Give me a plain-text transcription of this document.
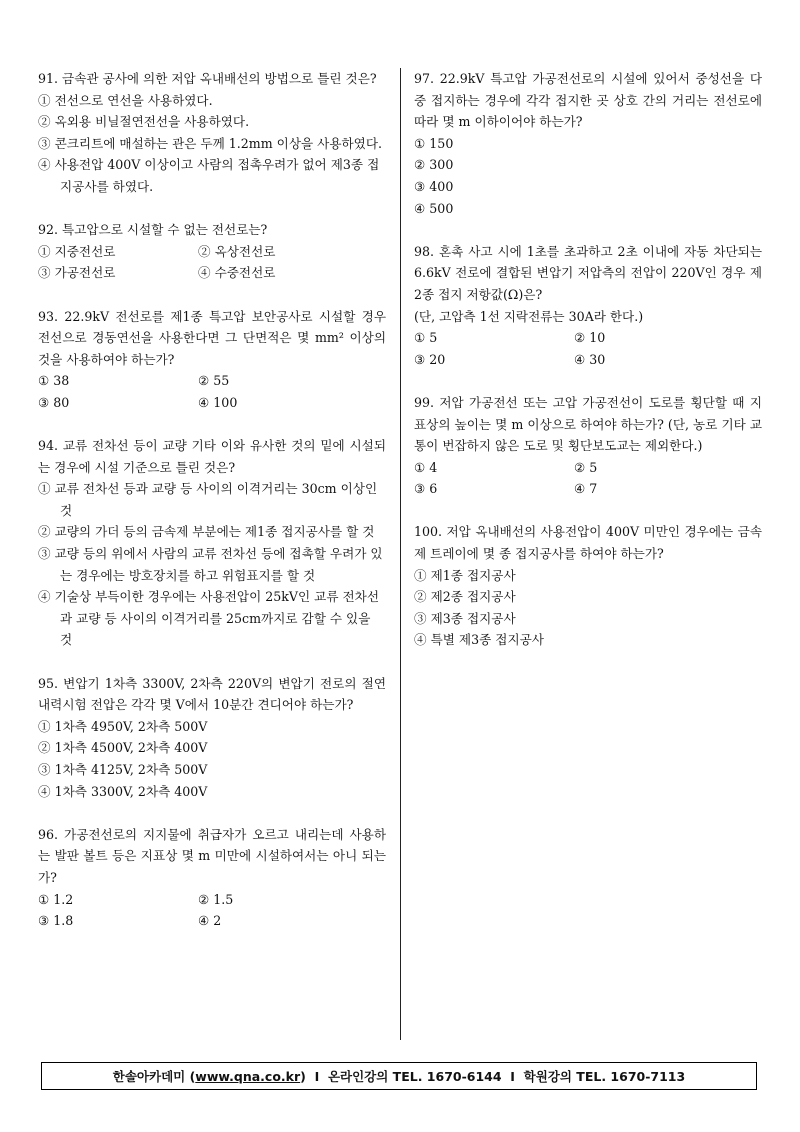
91. 금속관 공사에 의한 저압 옥내배선의 방법으로 틀린 것은?
① 전선으로 연선을 사용하였다.
② 옥외용 비닐절연전선을 사용하였다.
③ 콘크리트에 매설하는 관은 두께 1.2mm 이상을 사용하였다.
④ 사용전압 400V 이상이고 사람의 접촉우려가 없어 제3종 접지공사를 하였다.
92. 특고압으로 시설할 수 없는 전선로는?
① 지중전선로	② 옥상전선로
③ 가공전선로	④ 수중전선로
93. 22.9kV 전선로를 제1종 특고압 보안공사로 시설할 경우 전선으로 경동연선을 사용한다면 그 단면적은 몇 mm² 이상의 것을 사용하여야 하는가?
① 38	② 55
③ 80	④ 100
94. 교류 전차선 등이 교량 기타 이와 유사한 것의 밑에 시설되는 경우에 시설 기준으로 틀린 것은?
① 교류 전차선 등과 교량 등 사이의 이격거리는 30cm 이상인 것
② 교량의 가더 등의 금속제 부분에는 제1종 접지공사를 할 것
③ 교량 등의 위에서 사람의 교류 전차선 등에 접촉할 우려가 있는 경우에는 방호장치를 하고 위험표지를 할 것
④ 기술상 부득이한 경우에는 사용전압이 25kV인 교류 전차선과 교량 등 사이의 이격거리를 25cm까지로 감할 수 있을 것
95. 변압기 1차측 3300V, 2차측 220V의 변압기 전로의 절연내력시험 전압은 각각 몇 V에서 10분간 견디어야 하는가?
① 1차측 4950V, 2차측 500V
② 1차측 4500V, 2차측 400V
③ 1차측 4125V, 2차측 500V
④ 1차측 3300V, 2차측 400V
96. 가공전선로의 지지물에 취급자가 오르고 내리는데 사용하는 발판 볼트 등은 지표상 몇 m 미만에 시설하여서는 아니 되는가?
① 1.2	② 1.5
③ 1.8	④ 2
97. 22.9kV 특고압 가공전선로의 시설에 있어서 중성선을 다중 접지하는 경우에 각각 접지한 곳 상호 간의 거리는 전선로에 따라 몇 m 이하이어야 하는가?
① 150
② 300
③ 400
④ 500
98. 혼촉 사고 시에 1초를 초과하고 2초 이내에 자동 차단되는 6.6kV 전로에 결합된 변압기 저압측의 전압이 220V인 경우 제2종 접지 저항값(Ω)은?
(단, 고압측 1선 지락전류는 30A라 한다.)
① 5	② 10
③ 20	④ 30
99. 저압 가공전선 또는 고압 가공전선이 도로를 횡단할 때 지표상의 높이는 몇 m 이상으로 하여야 하는가? (단, 농로 기타 교통이 번잡하지 않은 도로 및 횡단보도교는 제외한다.)
① 4	② 5
③ 6	④ 7
100. 저압 옥내배선의 사용전압이 400V 미만인 경우에는 금속제 트레이에 몇 종 접지공사를 하여야 하는가?
① 제1종 접지공사
② 제2종 접지공사
③ 제3종 접지공사
④ 특별 제3종 접지공사
한솔아카데미 ( www.qna.co.kr ) I 온라인강의 TEL. 1670-6144 I 학원강의 TEL. 1670-7113
